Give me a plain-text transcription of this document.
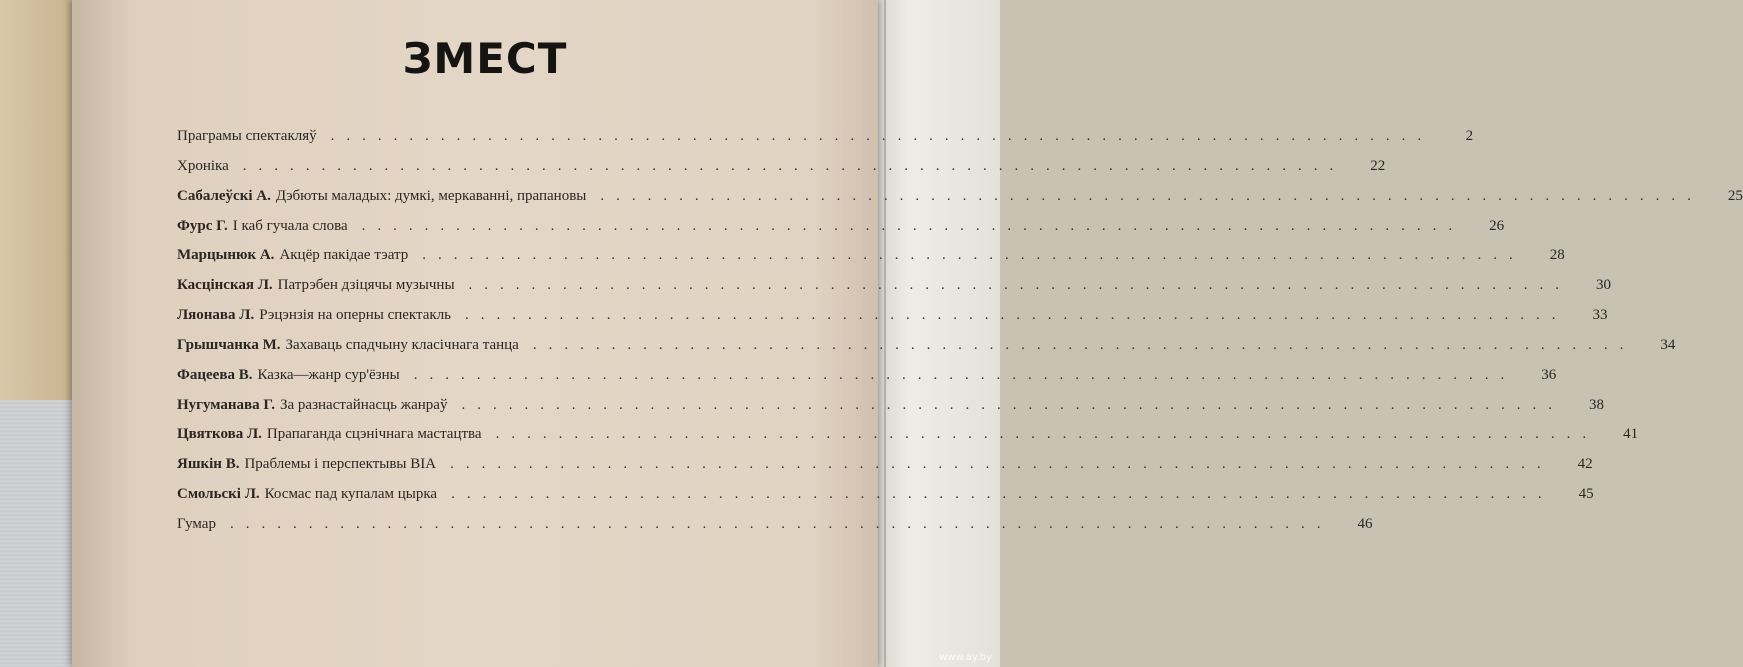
ЗМЕСТ
Праграмы спектакляў ......................................................................	2
Хроніка ......................................................................	22
Сабалеўскі А. Дэбюты маладых: думкі, меркаванні, прапановы ......................................................................	25
Фурс Г. І каб гучала слова ......................................................................	26
Марцынюк А. Акцёр пакідае тэатр ......................................................................	28
Касцінская Л. Патрэбен дзіцячы музычны ......................................................................	30
Ляонава Л. Рэцэнзія на оперны спектакль ......................................................................	33
Грышчанка М. Захаваць спадчыну класічнага танца ......................................................................	34
Фацеева В. Казка—жанр сур'ёзны ......................................................................	36
Нугуманава Г. За разнастайнасць жанраў ......................................................................	38
Цвяткова Л. Прапаганда сцэнічнага мастацтва ......................................................................	41
Яшкін В. Праблемы і перспектывы ВІА ......................................................................	42
Смольскі Л. Космас пад купалам цырка ......................................................................	45
Гумар ......................................................................	46
www.ay.by
